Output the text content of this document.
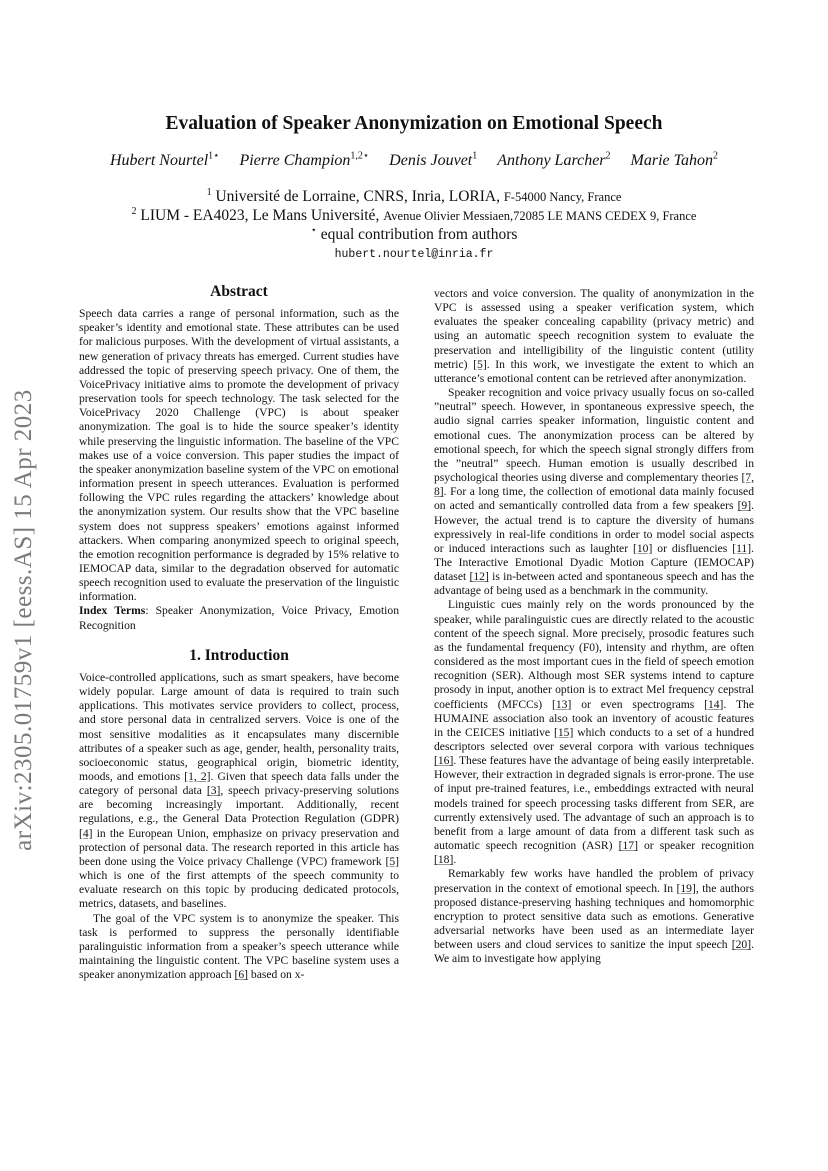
arXiv:2305.01759v1 [eess.AS] 15 Apr 2023
Evaluation of Speaker Anonymization on Emotional Speech
Hubert Nourtel$^{1⋆}$ Pierre Champion$^{1,2⋆}$ Denis Jouvet$^1$ Anthony Larcher$^2$ Marie Tahon$^2$
$^1$ Université de Lorraine, CNRS, Inria, LORIA, F-54000 Nancy, France
$^2$ LIUM - EA4023, Le Mans Université, Avenue Olivier Messiaen,72085 LE MANS CEDEX 9, France
⋆ equal contribution from authors
hubert.nourtel@inria.fr
Abstract

Speech data carries a range of personal information, such as the speaker’s identity and emotional state. These attributes can be used for malicious purposes. With the development of virtual assistants, a new generation of privacy threats has emerged. Current studies have addressed the topic of preserving speech privacy. One of them, the VoicePrivacy initiative aims to promote the development of privacy preservation tools for speech technology. The task selected for the VoicePrivacy 2020 Challenge (VPC) is about speaker anonymization. The goal is to hide the source speaker’s identity while preserving the linguistic information. The baseline of the VPC makes use of a voice conversion. This paper studies the impact of the speaker anonymization baseline system of the VPC on emotional information present in speech utterances. Evaluation is performed following the VPC rules regarding the attackers’ knowledge about the anonymization system. Our results show that the VPC baseline system does not suppress speakers’ emotions against informed attackers. When comparing anonymized speech to original speech, the emotion recognition performance is degraded by 15% relative to IEMOCAP data, similar to the degradation observed for automatic speech recognition used to evaluate the preservation of the linguistic information.

Index Terms: Speaker Anonymization, Voice Privacy, Emotion Recognition

1. Introduction

Voice-controlled applications, such as smart speakers, have become widely popular. Large amount of data is required to train such applications. This motivates service providers to collect, process, and store personal data in centralized servers. Voice is one of the most sensitive modalities as it encapsulates many discernible attributes of a speaker such as age, gender, health, personality traits, socioeconomic status, geographical origin, biometric identity, moods, and emotions [1, 2]. Given that speech data falls under the category of personal data [3], speech privacy-preserving solutions are becoming increasingly important. Additionally, recent regulations, e.g., the General Data Protection Regulation (GDPR) [4] in the European Union, emphasize on privacy preservation and protection of personal data. The research reported in this article has been done using the Voice privacy Challenge (VPC) framework [5] which is one of the first attempts of the speech community to evaluate research on this topic by producing dedicated protocols, metrics, datasets, and baselines.

The goal of the VPC system is to anonymize the speaker. This task is performed to suppress the personally identifiable paralinguistic information from a speaker’s speech utterance while maintaining the linguistic content. The VPC baseline system uses a speaker anonymization approach [6] based on x-

vectors and voice conversion. The quality of anonymization in the VPC is assessed using a speaker verification system, which evaluates the speaker concealing capability (privacy metric) and using an automatic speech recognition system to evaluate the preservation and intelligibility of the linguistic content (utility metric) [5]. In this work, we investigate the extent to which an utterance’s emotional content can be retrieved after anonymization.

Speaker recognition and voice privacy usually focus on so-called ”neutral” speech. However, in spontaneous expressive speech, the audio signal carries speaker information, linguistic content and emotional cues. The anonymization process can be altered by emotional speech, for which the speech signal strongly differs from the ”neutral” speech. Human emotion is usually described in psychological theories using diverse and complementary theories [7, 8]. For a long time, the collection of emotional data mainly focused on acted and semantically controlled data from a few speakers [9]. However, the actual trend is to capture the diversity of humans expressively in real-life conditions in order to model social aspects or induced interactions such as laughter [10] or disfluencies [11]. The Interactive Emotional Dyadic Motion Capture (IEMOCAP) dataset [12] is in-between acted and spontaneous speech and has the advantage of being used as a benchmark in the community.

Linguistic cues mainly rely on the words pronounced by the speaker, while paralinguistic cues are directly related to the acoustic content of the speech signal. More precisely, prosodic features such as the fundamental frequency (F0), intensity and rhythm, are often considered as the most important cues in the field of speech emotion recognition (SER). Although most SER systems intend to capture prosody in input, another option is to extract Mel frequency cepstral coefficients (MFCCs) [13] or even spectrograms [14]. The HUMAINE association also took an inventory of acoustic features in the CEICES initiative [15] which conducts to a set of a hundred descriptors selected over several corpora with various techniques [16]. These features have the advantage of being easily interpretable. However, their extraction in degraded signals is error-prone. The use of input pre-trained features, i.e., embeddings extracted with neural models trained for speech processing tasks different from SER, are currently extensively used. The advantage of such an approach is to benefit from a large amount of data from a different task such as automatic speech recognition (ASR) [17] or speaker recognition [18].

Remarkably few works have handled the problem of privacy preservation in the context of emotional speech. In [19], the authors proposed distance-preserving hashing techniques and homomorphic encryption to protect sensitive data such as emotions. Generative adversarial networks have been used as an intermediate layer between users and cloud services to sanitize the input speech [20]. We aim to investigate how applying
